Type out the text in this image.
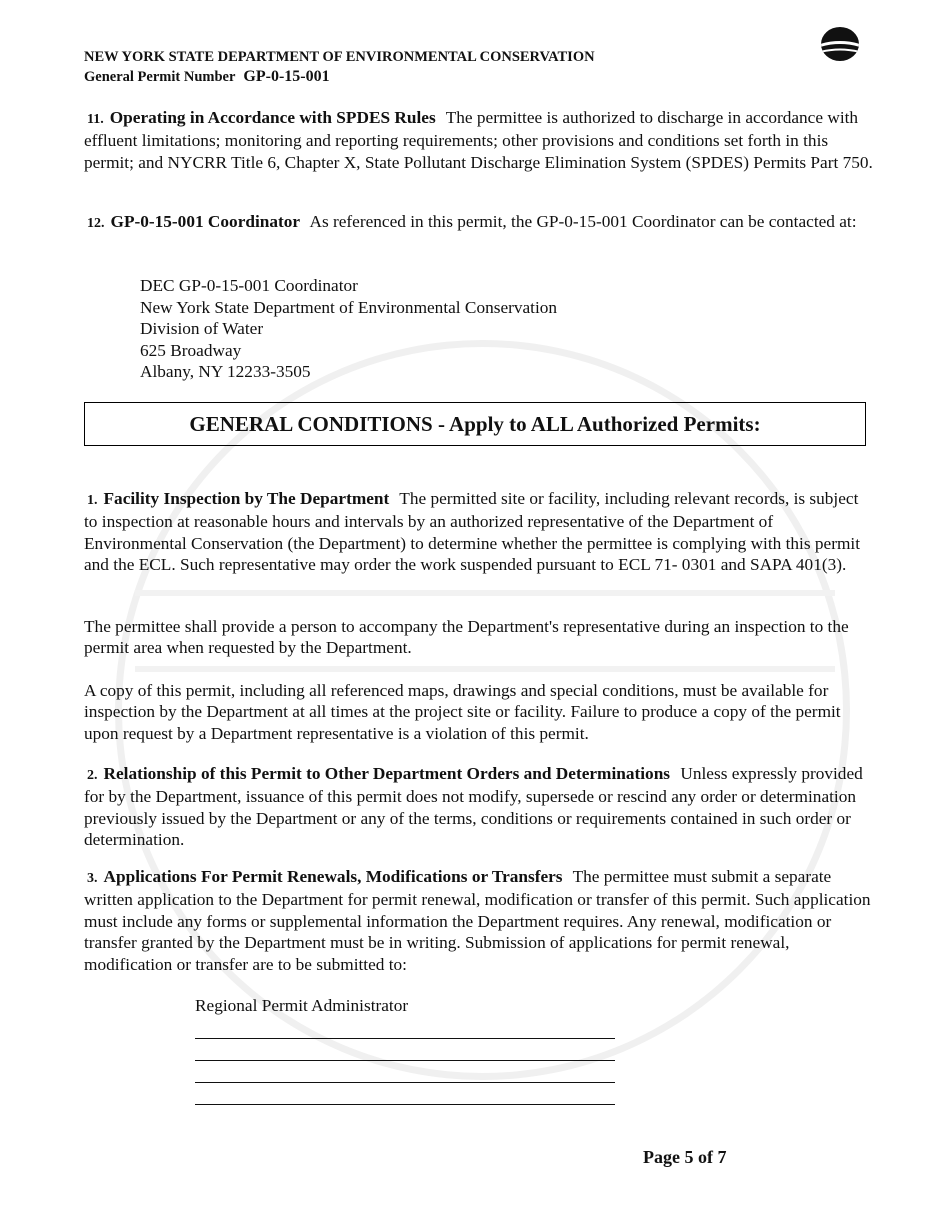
NEW YORK STATE DEPARTMENT OF ENVIRONMENTAL CONSERVATION
General Permit Number GP-0-15-001
11. Operating in Accordance with SPDES Rules The permittee is authorized to discharge in accordance with effluent limitations; monitoring and reporting requirements; other provisions and conditions set forth in this permit; and NYCRR Title 6, Chapter X, State Pollutant Discharge Elimination System (SPDES) Permits Part 750.
12. GP-0-15-001 Coordinator As referenced in this permit, the GP-0-15-001 Coordinator can be contacted at:
DEC GP-0-15-001 Coordinator
New York State Department of Environmental Conservation
Division of Water
625 Broadway
Albany, NY 12233-3505
GENERAL CONDITIONS - Apply to ALL Authorized Permits:
1. Facility Inspection by The Department The permitted site or facility, including relevant records, is subject to inspection at reasonable hours and intervals by an authorized representative of the Department of Environmental Conservation (the Department) to determine whether the permittee is complying with this permit and the ECL. Such representative may order the work suspended pursuant to ECL 71- 0301 and SAPA 401(3).
The permittee shall provide a person to accompany the Department's representative during an inspection to the permit area when requested by the Department.
A copy of this permit, including all referenced maps, drawings and special conditions, must be available for inspection by the Department at all times at the project site or facility. Failure to produce a copy of the permit upon request by a Department representative is a violation of this permit.
2. Relationship of this Permit to Other Department Orders and Determinations Unless expressly provided for by the Department, issuance of this permit does not modify, supersede or rescind any order or determination previously issued by the Department or any of the terms, conditions or requirements contained in such order or determination.
3. Applications For Permit Renewals, Modifications or Transfers The permittee must submit a separate written application to the Department for permit renewal, modification or transfer of this permit. Such application must include any forms or supplemental information the Department requires. Any renewal, modification or transfer granted by the Department must be in writing. Submission of applications for permit renewal, modification or transfer are to be submitted to:
Regional Permit Administrator
Page 5 of 7
